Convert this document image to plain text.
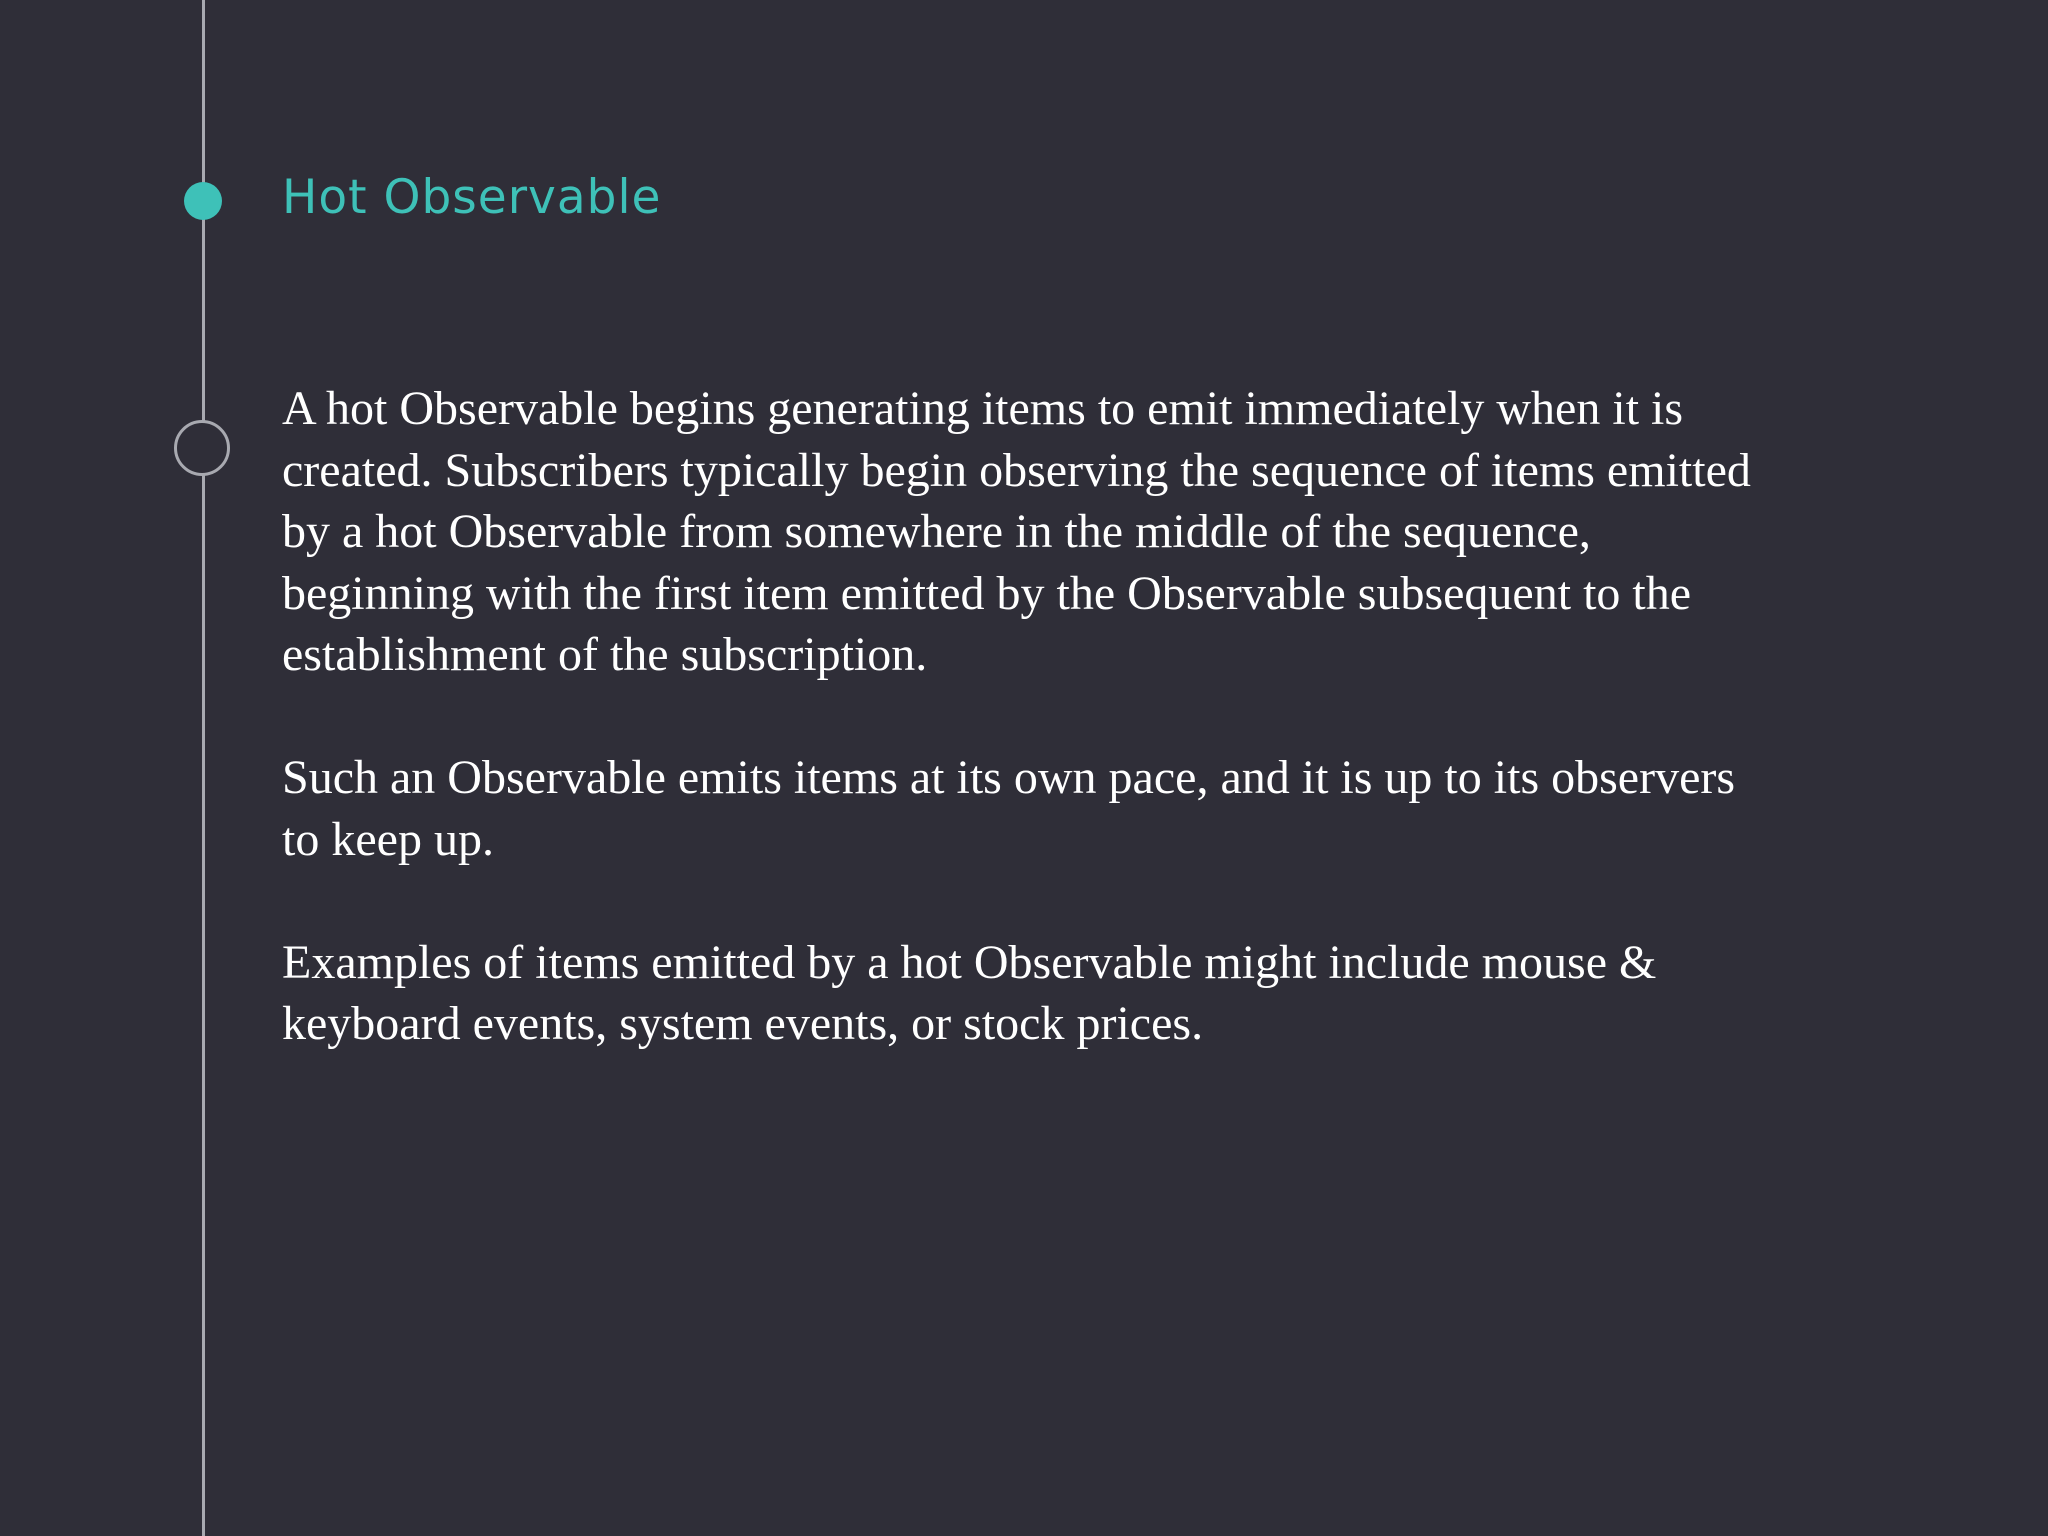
Hot Observable

A hot Observable begins generating items to emit immediately when it is created. Subscribers typically begin observing the sequence of items emitted by a hot Observable from somewhere in the middle of the sequence, beginning with the first item emitted by the Observable subsequent to the establishment of the subscription.

Such an Observable emits items at its own pace, and it is up to its observers to keep up.

Examples of items emitted by a hot Observable might include mouse & keyboard events, system events, or stock prices.
